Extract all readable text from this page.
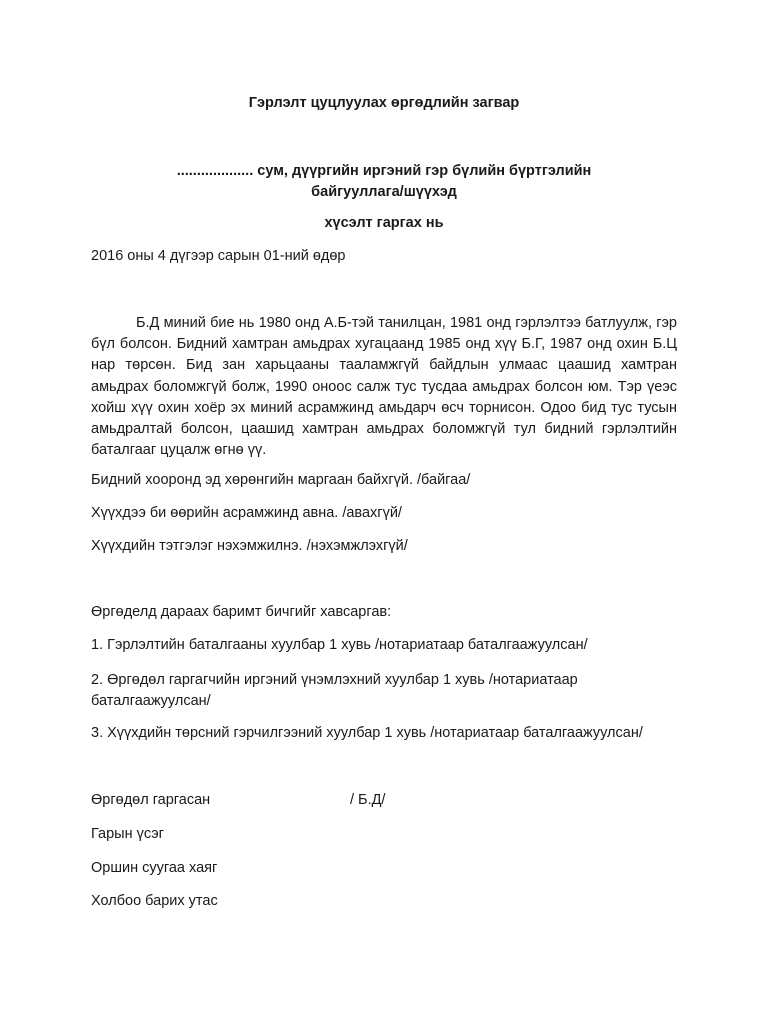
Гэрлэлт цуцлуулах өргөдлийн загвар
................... сум, дүүргийн иргэний гэр бүлийн бүртгэлийн байгууллага/шүүхэд
хүсэлт гаргах нь
2016 оны 4 дүгээр сарын 01-ний өдөр
Б.Д миний бие нь 1980 онд А.Б-тэй танилцан, 1981 онд гэрлэлтээ батлуулж, гэр бүл болсон. Бидний хамтран амьдрах хугацаанд 1985 онд хүү Б.Г, 1987 онд охин Б.Ц нар төрсөн. Бид зан харьцааны тааламжгүй байдлын улмаас цаашид хамтран амьдрах боломжгүй болж, 1990 оноос салж тус тусдаа амьдрах болсон юм. Тэр үеэс хойш хүү охин хоёр эх миний асрамжинд амьдарч өсч торнисон. Одоо бид тус тусын амьдралтай болсон, цаашид хамтран амьдрах боломжгүй тул бидний гэрлэлтийн баталгааг цуцалж өгнө үү.
Бидний хооронд эд хөрөнгийн маргаан байхгүй. /байгаа/
Хүүхдээ би өөрийн асрамжинд авна. /авахгүй/
Хүүхдийн тэтгэлэг нэхэмжилнэ. /нэхэмжлэхгүй/
Өргөделд дараах баримт бичгийг хавсаргав:
1. Гэрлэлтийн баталгааны хуулбар 1 хувь /нотариатаар баталгаажуулсан/
2. Өргөдөл гаргагчийн иргэний үнэмлэхний хуулбар 1 хувь /нотариатаар баталгаажуулсан/
3. Хүүхдийн төрсний гэрчилгээний хуулбар 1 хувь /нотариатаар баталгаажуулсан/
Өргөдөл гаргасан	/ Б.Д/
Гарын үсэг
Оршин суугаа хаяг
Холбоо барих утас
